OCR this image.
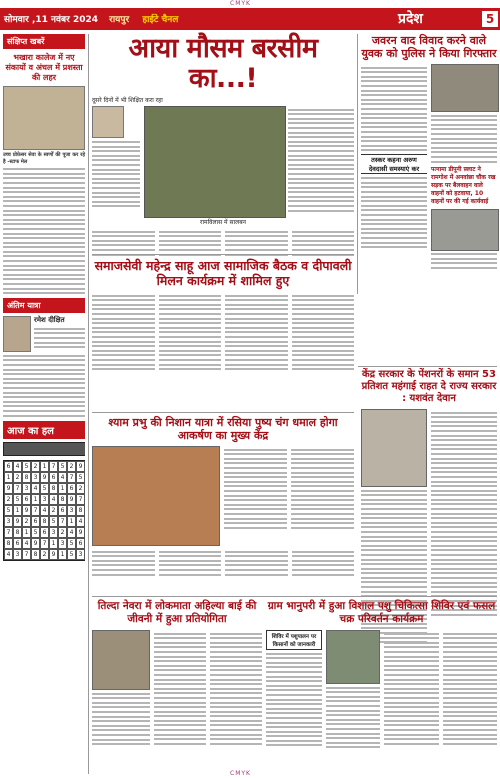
CMYK
सोमवार ,11 नवंबर 2024 रायपुर हाईटे चैनल	प्रदेश	5
संक्षिप्त खबरें
भखारा कालेज में नए संकायों व अंचल में प्रशस्ता की लहर
उच्च प्रोफ़ेसर सेवा के स्वर्णों की पूजा कर रहे है -स्टाफ मेल
अंतिम यात्रा
रमेश दीक्षित
आज का हल
6 4 5 2 1 7 5 2 9
1 2 8 3 9 6 4 7 5
9 7 3 4 5 8 1 6 2
2 5 6 1 3 4 8 9 7
5 1 9 7 4 2 6 3 8
3 9 2 6 8 5 7 1 4
7 8 1 5 6 3 2 4 9
8 6 4 9 7 1 3 5 6
4 3 7 8 2 9 1 5 3
आया मौसम बरसीम का...!
दूसरे दिनों में भी शिक्षित करा रहा
रामविलास में सालबन
जवरन वाद विवाद करने वाले युवक को पुलिस ने किया गिरफ्तार
तस्कर कहना अरुण देवदासी समस्याएं कर	पत्नामा डीपूनी फ़्लाट ने रामगोश में अनवांछा चौक रख सड़क पर बैलवाहन वाले वाहनों को हटवाया, 10 वाहनों पर की गई कार्यवाई
समाजसेवी महेन्द्र साहू आज सामाजिक बैठक व दीपावली मिलन कार्यक्रम में शामिल हुए
केंद्र सरकार के पेंशनरों के समान 53 प्रतिशत महंगाई राहत दे राज्य सरकार : यशवंत देवान
श्याम प्रभु की निशान यात्रा में रसिया पुष्य चंग धमाल होगा आकर्षण का मुख्य केंद्र
तिल्दा नेवरा में लोकमाता अहिल्या बाई की जीवनी में हुआ प्रतियोगिता
ग्राम भानुपरी में हुआ विशाल पशु चिकित्सा शिविर एवं फसल चक्र परिवर्तन कार्यक्रम
शिविर में पशुपालन पर किसानों को जानकारी
CMYK
